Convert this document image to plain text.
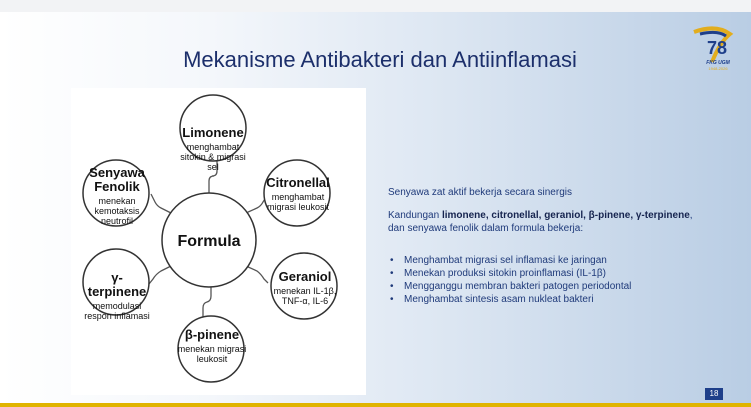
Mekanisme Antibakteri dan Antiinflamasi	78
FKG UGM
1948-2026
Formula
Limonene
menghambat sitokin & migrasi sel
Citronellal
menghambat migrasi leukosit
Geraniol
menekan IL-1β, TNF-α, IL-6
β-pinene
menekan migrasi leukosit
γ-terpinene
memodulasi respon inflamasi
Senyawa Fenolik
menekan kemotaksis neutrofil
Senyawa zat aktif bekerja secara sinergis
Kandungan limonene, citronellal, geraniol, β-pinene, γ-terpinene,
dan senyawa fenolik dalam formula bekerja:
• Menghambat migrasi sel inflamasi ke jaringan
• Menekan produksi sitokin proinflamasi (IL-1β)
• Mengganggu membran bakteri patogen periodontal
• Menghambat sintesis asam nukleat bakteri
18
